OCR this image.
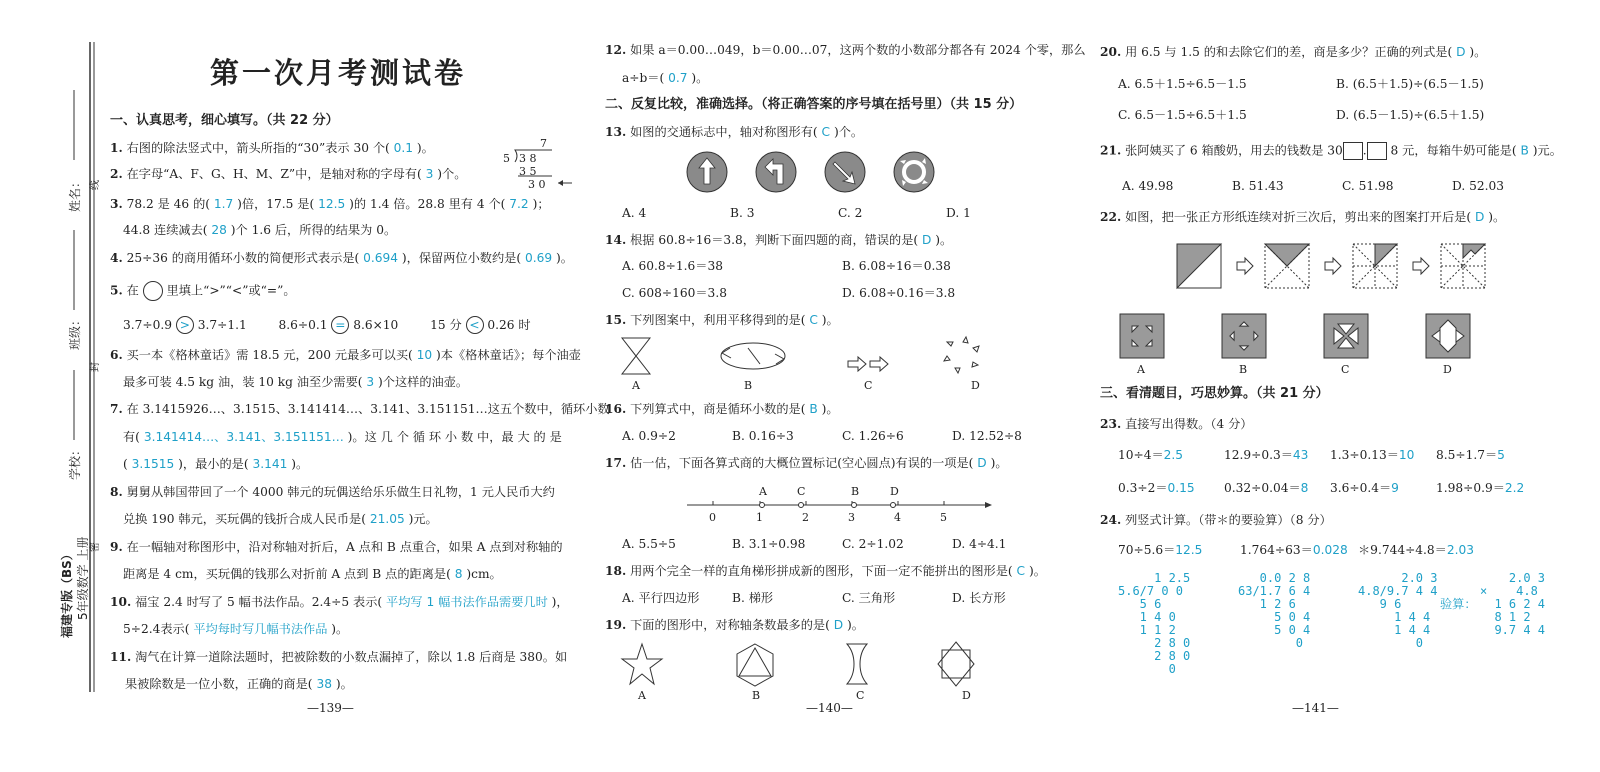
姓名：
班级：
学校：
线
封
密
福建专版（BS） 5年级数学 上册
第一次月考测试卷
一、认真思考，细心填写。（共 22 分）
1. 右图的除法竖式中，箭头所指的“30”表示 30 个( 0.1 )。	7
5 3 8
3 5
3 0
2. 在字母“A、F、G、H、M、Z”中，是轴对称的字母有( 3 )个。
3. 78.2 是 46 的( 1.7 )倍，17.5 是( 12.5 )的 1.4 倍。28.8 里有 4 个( 7.2 )；
44.8 连续减去( 28 )个 1.6 后，所得的结果为 0。
4. 25÷36 的商用循环小数的简便形式表示是( 0.694 )，保留两位小数约是( 0.69 )。
5. 在 里填上“>”“<”或“=”。
3.7÷0.9 > 3.7÷1.1	8.6÷0.1 = 8.6×10	15 分 < 0.26 时
6. 买一本《格林童话》需 18.5 元，200 元最多可以买( 10 )本《格林童话》；每个油壶
最多可装 4.5 kg 油，装 10 kg 油至少需要( 3 )个这样的油壶。
7. 在 3.1415926…、3.1515、3.141414…、3.141、3.151151…这五个数中，循环小数
有( 3.141414…、3.141、3.151151… )。这 几 个 循 环 小 数 中，最 大 的 是
( 3.1515 )，最小的是( 3.141 )。
8. 舅舅从韩国带回了一个 4000 韩元的玩偶送给乐乐做生日礼物，1 元人民币大约
兑换 190 韩元，买玩偶的钱折合成人民币是( 21.05 )元。
9. 在一幅轴对称图形中，沿对称轴对折后，A 点和 B 点重合，如果 A 点到对称轴的
距离是 4 cm，买玩偶的钱那么对折前 A 点到 B 点的距离是( 8 )cm。
10. 福宝 2.4 时写了 5 幅书法作品。2.4÷5 表示( 平均写 1 幅书法作品需要几时 )，
5÷2.4表示( 平均每时写几幅书法作品 )。
11. 淘气在计算一道除法题时，把被除数的小数点漏掉了，除以 1.8 后商是 380。如
果被除数是一位小数，正确的商是( 38 )。
—139—
12. 如果 a＝0.00…049，b＝0.00…07，这两个数的小数部分都各有 2024 个零，那么
a÷b＝( 0.7 )。
二、反复比较，准确选择。（将正确答案的序号填在括号里）（共 15 分）
13. 如图的交通标志中，轴对称图形有( C )个。
A. 4	B. 3	C. 2	D. 1
14. 根据 60.8÷16＝3.8，判断下面四题的商，错误的是( D )。
A. 60.8÷1.6＝38	B. 6.08÷16＝0.38
C. 608÷160＝3.8	D. 6.08÷0.16＝3.8
15. 下列图案中，利用平移得到的是( C )。
A	B	C	D
16. 下列算式中，商是循环小数的是( B )。
A. 0.9÷2	B. 0.16÷3	C. 1.26÷6	D. 12.52÷8
17. 估一估，下面各算式商的大概位置标记(空心圆点)有误的一项是( D )。
A	C	B	D
0	1	2	3	4	5
A. 5.5÷5	B. 3.1÷0.98	C. 2÷1.02	D. 4÷4.1
18. 用两个完全一样的直角梯形拼成新的图形，下面一定不能拼出的图形是( C )。
A. 平行四边形	B. 梯形	C. 三角形	D. 长方形
19. 下面的图形中，对称轴条数最多的是( D )。
A	B	C	D
—140—
20. 用 6.5 与 1.5 的和去除它们的差，商是多少？正确的列式是( D )。
A. 6.5＋1.5÷6.5－1.5	B. (6.5＋1.5)÷(6.5－1.5)
C. 6.5－1.5÷6.5＋1.5	D. (6.5－1.5)÷(6.5＋1.5)
21. 张阿姨买了 6 箱酸奶，用去的钱数是 30 . 8 元，每箱牛奶可能是( B )元。
A. 49.98	B. 51.43	C. 51.98	D. 52.03
22. 如图，把一张正方形纸连续对折三次后，剪出来的图案打开后是( D )。
A	B	C	D
三、看清题目，巧思妙算。（共 21 分）
23. 直接写出得数。（4 分）
10÷4＝2.5	12.9÷0.3＝43 1.3÷0.13＝10 8.5÷1.7＝5
0.3÷2＝0.15 0.32÷0.04＝8 3.6÷0.4＝9	1.98÷0.9＝2.2
24. 列竖式计算。（带＊的要验算）（8 分）
70÷5.6＝12.5	1.764÷63＝0.028 ＊9.744÷4.8＝2.03
1 2.5
5.6/7 0 0
5 6
1 4 0
1 1 2
2 8 0
2 8 0
0
0.0 2 8
63/1.7 6 4
1 2 6
5 0 4
5 0 4
0
2.0 3
4.8/9.7 4 4
9 6
1 4 4
1 4 4
0
验算：
2.0 3
×    4.8
1 6 2 4
8 1 2
9.7 4 4
—141—
